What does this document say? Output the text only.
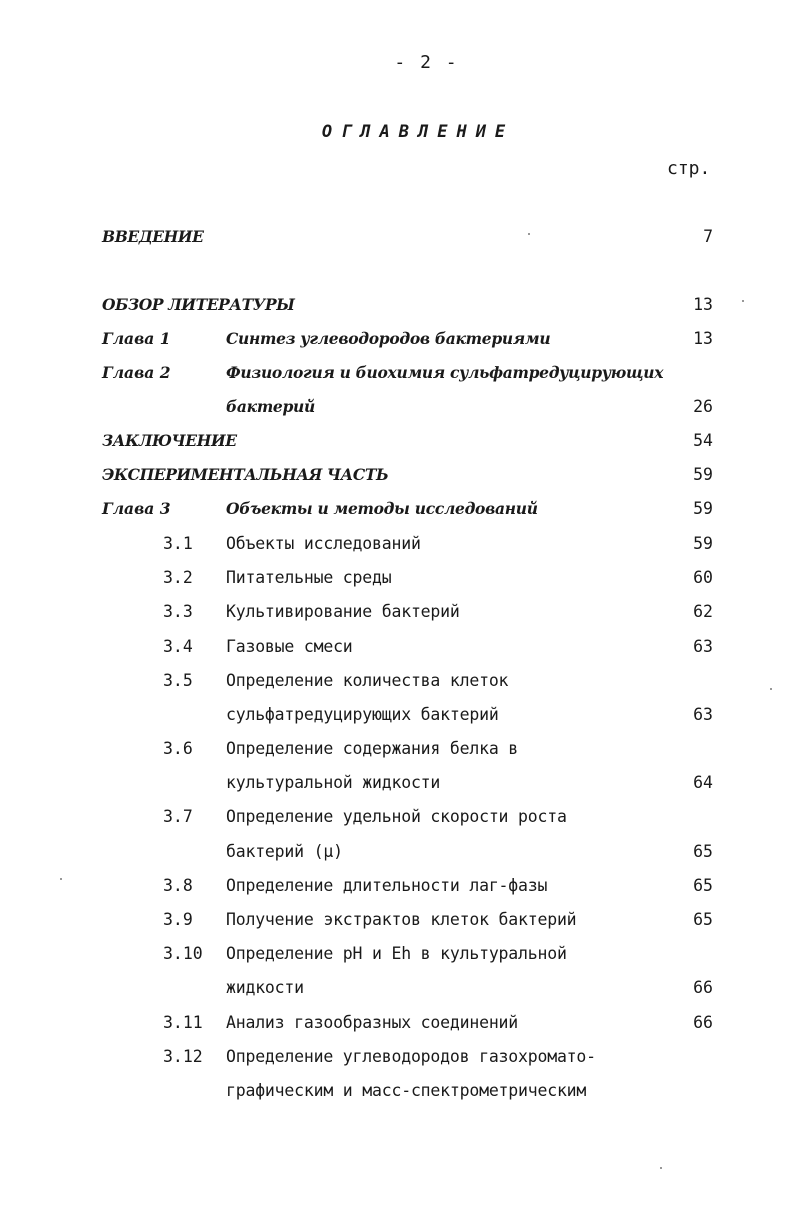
- 2 -
ОГЛАВЛЕНИЕ
стр.
ВВЕДЕНИЕ	7
ОБЗОР ЛИТЕРАТУРЫ	13
Глава 1	Синтез углеводородов бактериями	13
Глава 2	Физиология и биохимия сульфатредуцирующих
бактерий	26
ЗАКЛЮЧЕНИЕ	54
ЭКСПЕРИМЕНТАЛЬНАЯ ЧАСТЬ	59
Глава 3	Объекты и методы исследований	59
3.1 Объекты исследований	59
3.2 Питательные среды	60
3.3 Культивирование бактерий	62
3.4 Газовые смеси	63
3.5 Определение количества клеток
сульфатредуцирующих бактерий	63
3.6 Определение содержания белка в
культуральной жидкости	64
3.7 Определение удельной скорости роста
бактерий (µ)	65
3.8 Определение длительности лаг-фазы	65
3.9 Получение экстрактов клеток бактерий	65
3.10 Определение pH и Eh в культуральной
жидкости	66
3.11 Анализ газообразных соединений	66
3.12 Определение углеводородов газохромато-
графическим и масс-спектрометрическим
